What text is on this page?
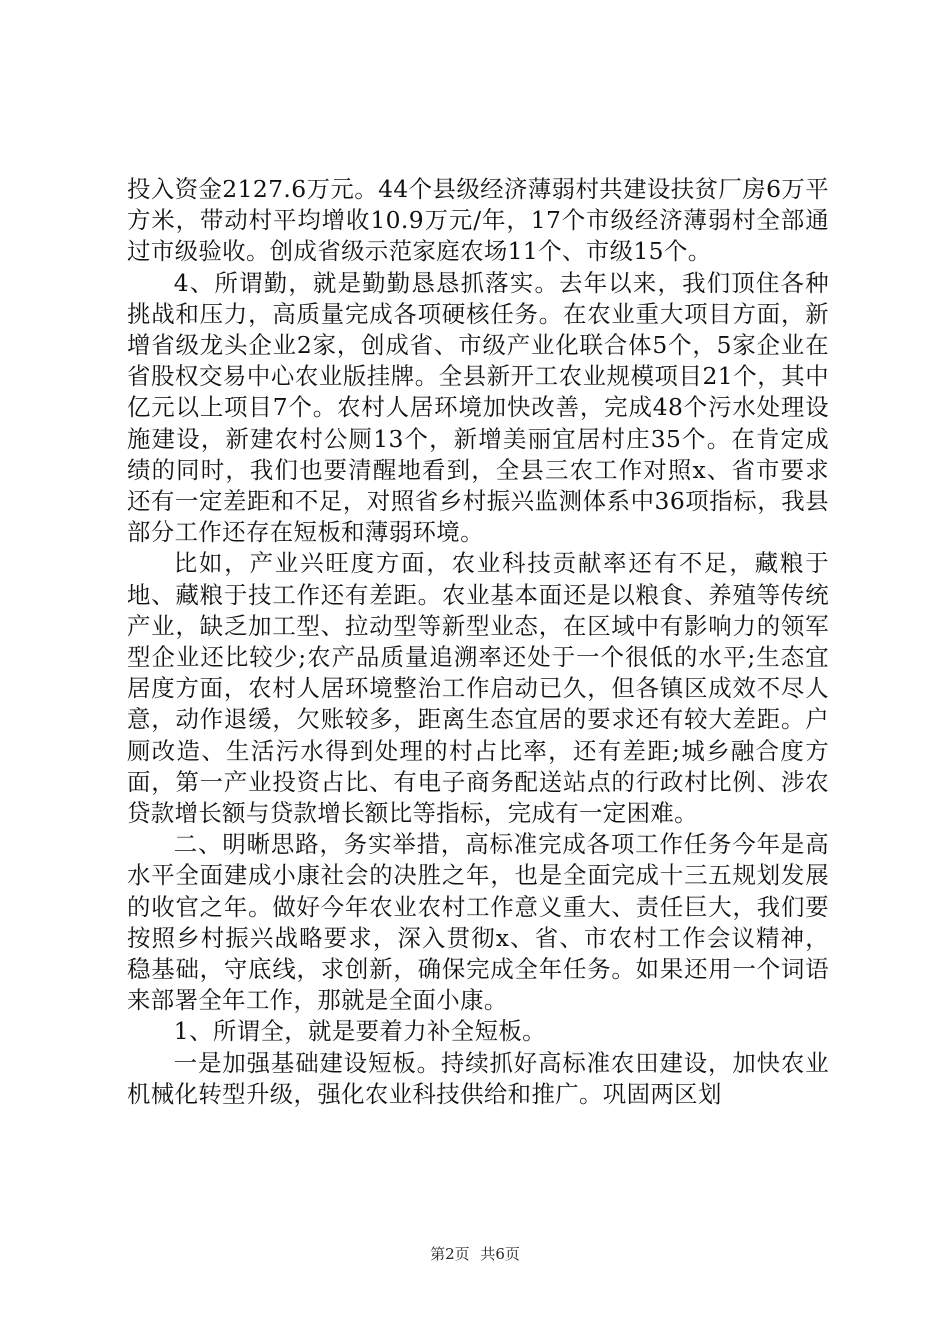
投入资金2127.6万元。44个县级经济薄弱村共建设扶贫厂房6万平方米，带动村平均增收10.9万元/年，17个市级经济薄弱村全部通过市级验收。创成省级示范家庭农场11个、市级15个。

4、所谓勤，就是勤勤恳恳抓落实。去年以来，我们顶住各种挑战和压力，高质量完成各项硬核任务。在农业重大项目方面，新增省级龙头企业2家，创成省、市级产业化联合体5个，5家企业在省股权交易中心农业版挂牌。全县新开工农业规模项目21个，其中亿元以上项目7个。农村人居环境加快改善，完成48个污水处理设施建设，新建农村公厕13个，新增美丽宜居村庄35个。在肯定成绩的同时，我们也要清醒地看到，全县三农工作对照x、省市要求还有一定差距和不足，对照省乡村振兴监测体系中36项指标，我县部分工作还存在短板和薄弱环境。

比如，产业兴旺度方面，农业科技贡献率还有不足，藏粮于地、藏粮于技工作还有差距。农业基本面还是以粮食、养殖等传统产业，缺乏加工型、拉动型等新型业态，在区域中有影响力的领军型企业还比较少;农产品质量追溯率还处于一个很低的水平;生态宜居度方面，农村人居环境整治工作启动已久，但各镇区成效不尽人意，动作退缓，欠账较多，距离生态宜居的要求还有较大差距。户厕改造、生活污水得到处理的村占比率，还有差距;城乡融合度方面，第一产业投资占比、有电子商务配送站点的行政村比例、涉农贷款增长额与贷款增长额比等指标，完成有一定困难。

二、明晰思路，务实举措，高标准完成各项工作任务今年是高水平全面建成小康社会的决胜之年，也是全面完成十三五规划发展的收官之年。做好今年农业农村工作意义重大、责任巨大，我们要按照乡村振兴战略要求，深入贯彻x、省、市农村工作会议精神，稳基础，守底线，求创新，确保完成全年任务。如果还用一个词语来部署全年工作，那就是全面小康。

1、所谓全，就是要着力补全短板。

一是加强基础建设短板。持续抓好高标准农田建设，加快农业机械化转型升级，强化农业科技供给和推广。巩固两区划

第2页 共6页
